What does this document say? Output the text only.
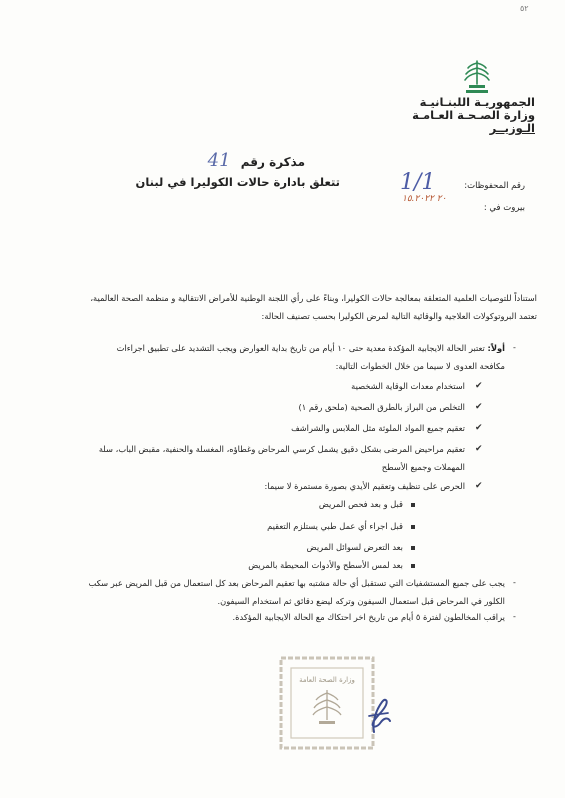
٥٢
الجمهوريـة اللبنـانيـة
وزارة الصـحـة العـامـة
الـوزيــر
مذكرة رقم 41
تتعلق بادارة حالات الكوليرا في لبنان	رقم المحفوظات:
1/1
بيروت في :
٢٠ ١٥.٢٠٢٢
استناداً للتوصيات العلمية المتعلقة بمعالجة حالات الكوليرا، وبناءً على رأي اللجنة الوطنية للأمراض الانتقالية و منظمة الصحة العالمية،
تعتمد البروتوكولات العلاجية والوقائية التالية لمرض الكوليرا بحسب تصنيف الحالة:
-
أولاً: تعتبر الحالة الايجابية المؤكدة معدية حتى ١٠ أيام من تاريخ بداية العوارض ويجب التشديد على تطبيق اجراءات
مكافحة العدوى لا سيما من خلال الخطوات التالية:
✔
استخدام معدات الوقاية الشخصية
✔
التخلص من البراز بالطرق الصحية (ملحق رقم ١)
✔
تعقيم جميع المواد الملوثة مثل الملابس والشراشف
✔
تعقيم مراحيض المرضى بشكل دقيق يشمل كرسي المرحاض وغطاؤه، المغسلة والحنفية، مقبض الباب، سلة
المهملات وجميع الأسطح
✔
الحرص على تنظيف وتعقيم الأيدي بصورة مستمرة لا سيما:
قبل و بعد فحص المريض
قبل اجراء أي عمل طبي يستلزم التعقيم
بعد التعرض لسوائل المريض
بعد لمس الأسطح والأدوات المحيطة بالمريض
-
يجب على جميع المستشفيات التي تستقبل أي حالة مشتبه بها تعقيم المرحاض بعد كل استعمال من قبل المريض عبر سكب
الكلور في المرحاض قبل استعمال السيفون وتركه ليضع دقائق ثم استخدام السيفون.
-
يراقب المخالطون لفترة ٥ أيام من تاريخ اخر احتكاك مع الحالة الايجابية المؤكدة.
وزارة الصحة العامة
